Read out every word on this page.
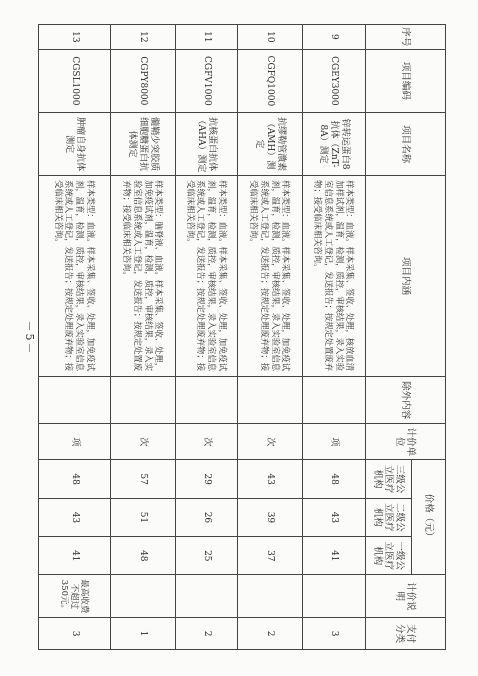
序号	项目编码	项目名称	项目内涵	除外内容	计价单位	价格（元）			计价说明	支付分类
						三级公立医疗机构	二级公立医疗机构	一级公立医疗机构		
9	CGEY3000	锌转运蛋白8抗体（ZnT-8A）测定	样本类型：血液。样本采集、签收、处理，核放血清加样试剂，温育，检测，质控，审核结果，录入实验室信息系统或人工登记，发送报告；按规定处置废弃物；接受临床相关咨询。		项	48	43	41		3
10	CGFQ1000	抗缪勒管激素（AMH）测定	样本类型：血液。样本采集、签收、处理，加免疫试剂，温育，检测，质控，审核结果，录入实验室信息系统或人工登记，发送报告；按规定处理废弃物；接受临床相关咨询。		次	43	39	37		2
11	CGFV1000	抗核蛋白抗体（AHA）测定	样本类型：血液。样本采集、签收、处理，加免疫试剂，温育，检测，质控，审核结果，录入实验室信息系统或人工登记，发送报告；按规定处理废弃物；接受临床相关咨询。		次	29	26	25		2
12	CGPY8000	髓鞘少突胶质细胞糖蛋白抗体测定	样本类型：脑脊液、血液。样本采集、签收、处理，加免疫试剂，温育，检测，质控，审核结果，录入实验室信息系统或人工登记，发送报告；按规定处置废弃物；接受临床相关咨询。		次	57	51	48		1
13	CGSL1000	肿瘤自身抗体测定	样本类型：血液。样本采集、签收、处理，加免疫试剂，温育，检测，质控，审核结果，录入实验室信息系统或人工登记，发送报告；按规定处理废弃物；接受临床相关咨询。		项	48	43	41	最高收费不超过350元。	3
－5－
